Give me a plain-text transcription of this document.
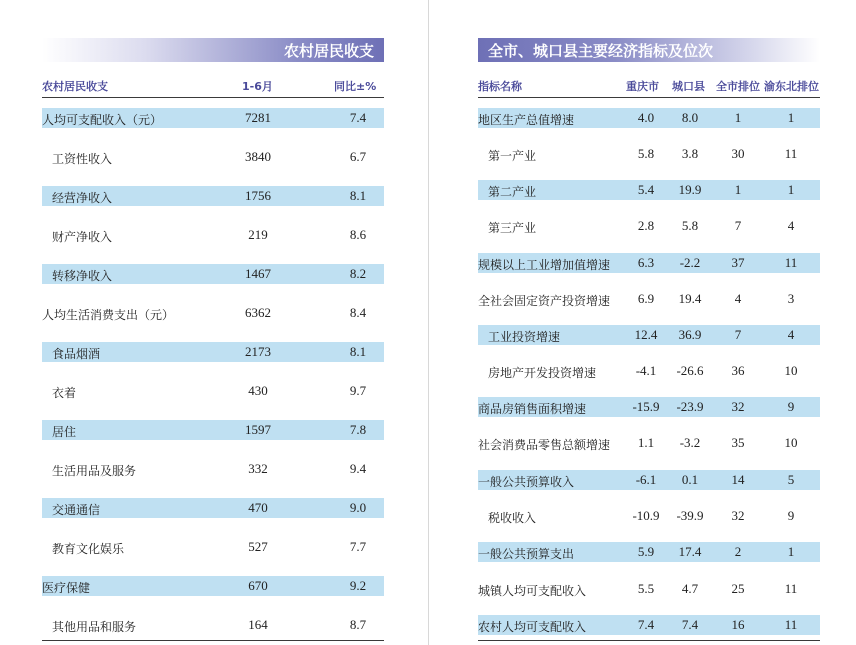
农村居民收支
农村居民收支	1-6月	同比±%
人均可支配收入（元）	7281	7.4
工资性收入	3840	6.7
经营净收入	1756	8.1
财产净收入	219	8.6
转移净收入	1467	8.2
人均生活消费支出（元）	6362	8.4
食品烟酒	2173	8.1
衣着	430	9.7
居住	1597	7.8
生活用品及服务	332	9.4
交通通信	470	9.0
教育文化娱乐	527	7.7
医疗保健	670	9.2
其他用品和服务	164	8.7
全市、城口县主要经济指标及位次
指标名称	重庆市 城口县 全市排位 渝东北排位
地区生产总值增速	4.0 8.0	1	1
第一产业	5.8 3.8	30	11
第二产业	5.4 19.9	1	1
第三产业	2.8 5.8	7	4
规模以上工业增加值增速 6.3 -2.2 37	11
全社会固定资产投资增速 6.9 19.4	4	3
工业投资增速	12.4 36.9	7	4
房地产开发投资增速	-4.1 -26.6 36	10
商品房销售面积增速	-15.9 -23.9 32	9
社会消费品零售总额增速 1.1 -3.2 35	10
一般公共预算收入	-6.1 0.1	14	5
税收收入	-10.9 -39.9 32	9
一般公共预算支出	5.9 17.4	2	1
城镇人均可支配收入	5.5 4.7	25	11
农村人均可支配收入	7.4 7.4	16	11
